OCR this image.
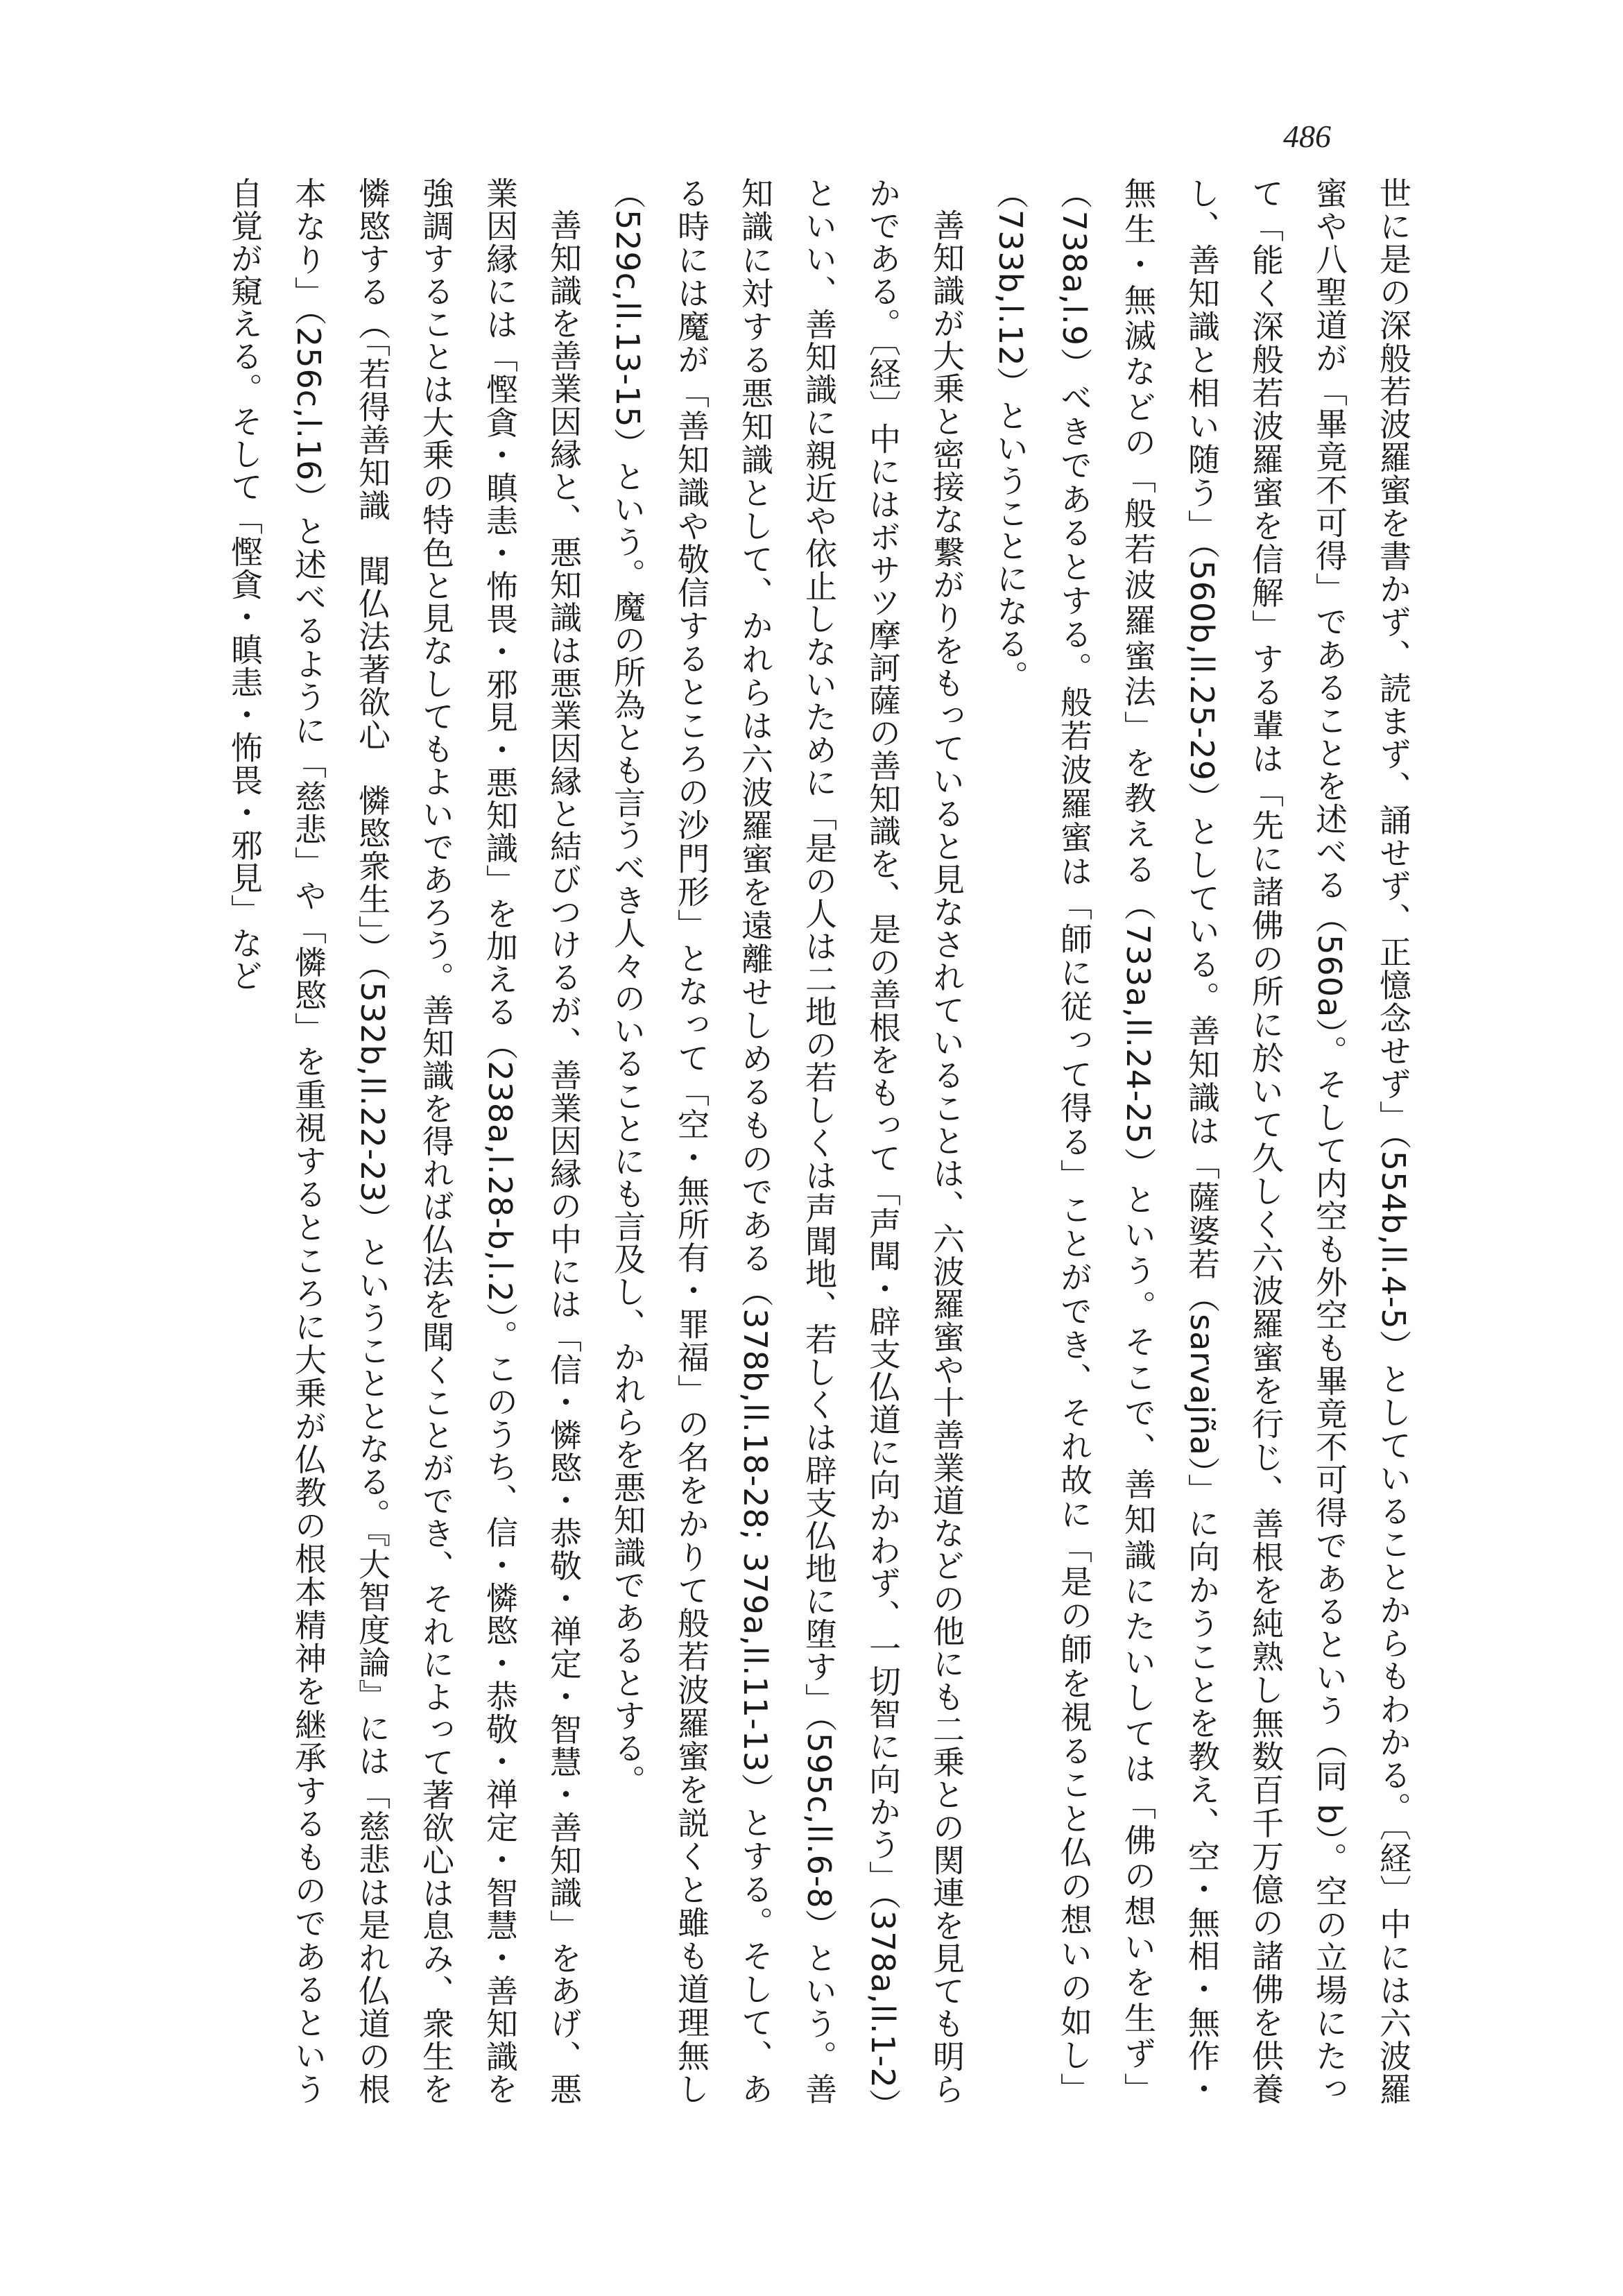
486

世に是の深般若波羅蜜を書かず、読まず、誦せず、正憶念せず」（554b,ll.4-5）としていることからもわかる。〔経〕中には六波羅蜜や八聖道が「畢竟不可得」であることを述べる（560a）。そして内空も外空も畢竟不可得であるという（同 b）。空の立場にたって「能く深般若波羅蜜を信解」する輩は「先に諸佛の所に於いて久しく六波羅蜜を行じ、善根を純熟し無数百千万億の諸佛を供養し、善知識と相い随う」（560b,ll.25-29）としている。善知識は「薩婆若（sarvajña）」に向かうことを教え、空・無相・無作・無生・無滅などの「般若波羅蜜法」を教える（733a,ll.24-25）という。そこで、善知識にたいしては「佛の想いを生ず」（738a,l.9）べきであるとする。般若波羅蜜は「師に従って得る」ことができ、それ故に「是の師を視ること仏の想いの如し」（733b,l.12）ということになる。

善知識が大乗と密接な繋がりをもっていると見なされていることは、六波羅蜜や十善業道などの他にも二乗との関連を見ても明らかである。〔経〕中にはボサツ摩訶薩の善知識を、是の善根をもって「声聞・辟支仏道に向かわず、一切智に向かう」（378a,ll.1-2）といい、善知識に親近や依止しないために「是の人は二地の若しくは声聞地、若しくは辟支仏地に堕す」（595c,ll.6-8）という。善知識に対する悪知識として、かれらは六波羅蜜を遠離せしめるものである（378b,ll.18-28; 379a,ll.11-13）とする。そして、ある時には魔が「善知識や敬信するところの沙門形」となって「空・無所有・罪福」の名をかりて般若波羅蜜を説くと雖も道理無し（529c,ll.13-15）という。魔の所為とも言うべき人々のいることにも言及し、かれらを悪知識であるとする。

善知識を善業因縁と、悪知識は悪業因縁と結びつけるが、善業因縁の中には「信・憐愍・恭敬・禅定・智慧・善知識」をあげ、悪業因縁には「慳貪・瞋恚・怖畏・邪見・悪知識」を加える（238a,l.28-b,l.2）。このうち、信・憐愍・恭敬・禅定・智慧・善知識を強調することは大乗の特色と見なしてもよいであろう。善知識を得れば仏法を聞くことができ、それによって著欲心は息み、衆生を憐愍する（「若得善知識　聞仏法著欲心　憐愍衆生」）（532b,ll.22-23）ということとなる。『大智度論』には「慈悲は是れ仏道の根本なり」（256c,l.16）と述べるように「慈悲」や「憐愍」を重視するところに大乗が仏教の根本精神を継承するものであるという自覚が窺える。そして「慳貪・瞋恚・怖畏・邪見」など
